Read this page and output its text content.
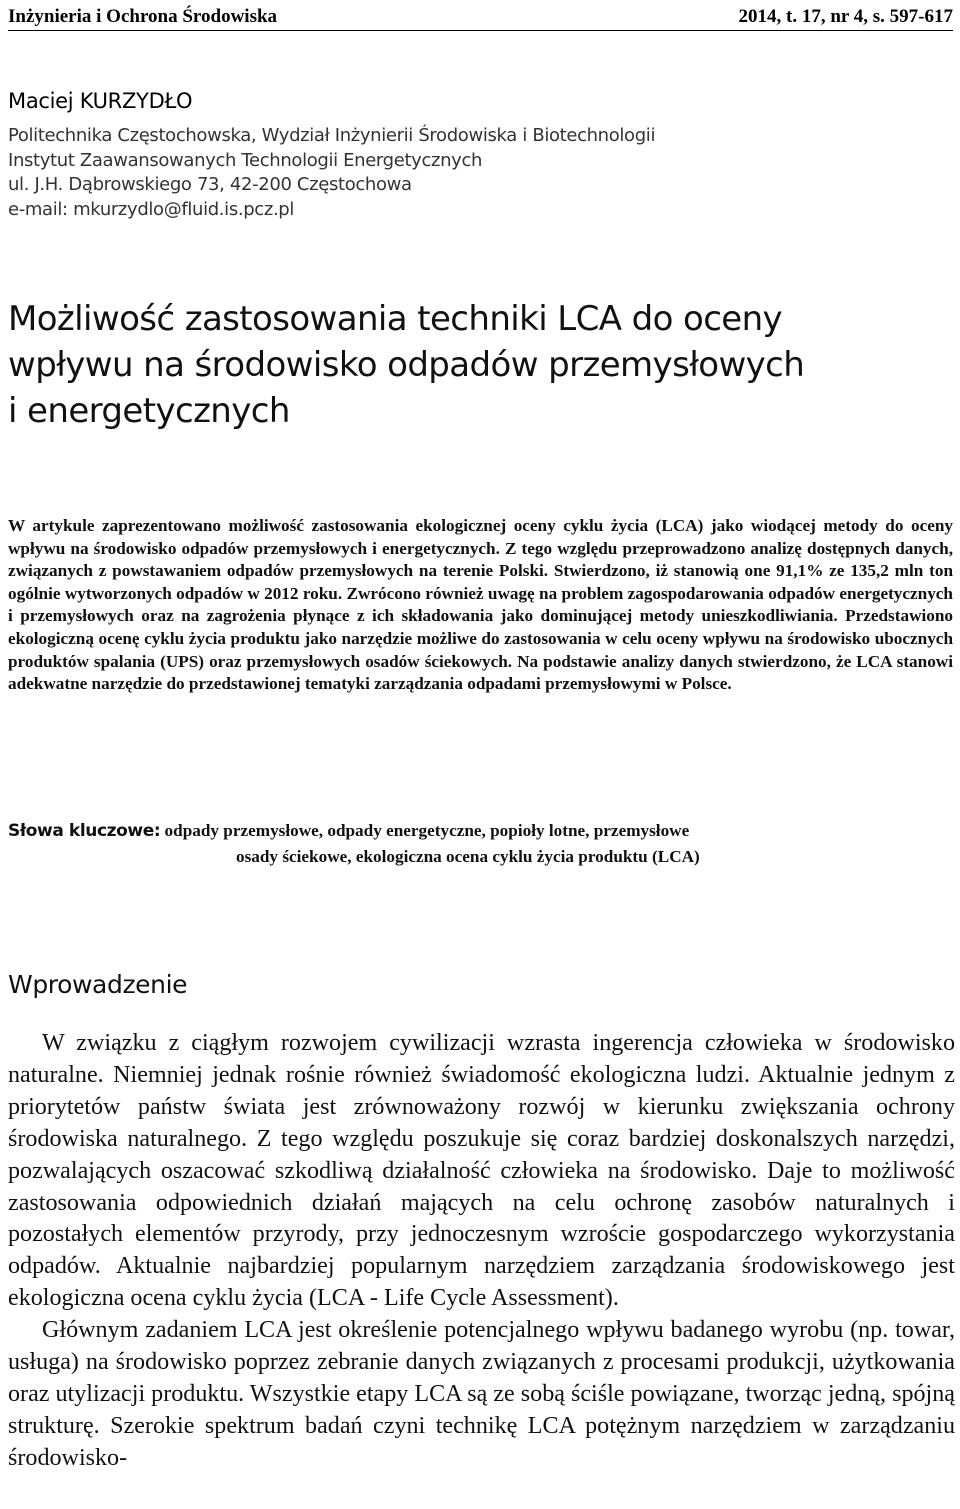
Inżynieria i Ochrona Środowiska	2014, t. 17, nr 4, s. 597-617
Maciej KURZYDŁO
Politechnika Częstochowska, Wydział Inżynierii Środowiska i Biotechnologii
Instytut Zaawansowanych Technologii Energetycznych
ul. J.H. Dąbrowskiego 73, 42-200 Częstochowa
e-mail: mkurzydlo@fluid.is.pcz.pl
Możliwość zastosowania techniki LCA do oceny
wpływu na środowisko odpadów przemysłowych
i energetycznych

W artykule zaprezentowano możliwość zastosowania ekologicznej oceny cyklu życia (LCA) jako wiodącej metody do oceny wpływu na środowisko odpadów przemysłowych i energetycznych. Z tego względu przeprowadzono analizę dostępnych danych, związanych z powstawaniem odpadów przemysłowych na terenie Polski. Stwierdzono, iż stanowią one 91,1% ze 135,2 mln ton ogólnie wytworzonych odpadów w 2012 roku. Zwrócono również uwagę na problem zagospodarowania odpadów energetycznych i przemysłowych oraz na zagrożenia płynące z ich składowania jako dominującej metody unieszkodliwiania. Przedstawiono ekologiczną ocenę cyklu życia produktu jako narzędzie możliwe do zastosowania w celu oceny wpływu na środowisko ubocznych produktów spalania (UPS) oraz przemysłowych osadów ściekowych. Na podstawie analizy danych stwierdzono, że LCA stanowi adekwatne narzędzie do przedstawionej tematyki zarządzania odpadami przemysłowymi w Polsce.

Słowa kluczowe: odpady przemysłowe, odpady energetyczne, popioły lotne, przemysłowe
osady ściekowe, ekologiczna ocena cyklu życia produktu (LCA)
Wprowadzenie

W związku z ciągłym rozwojem cywilizacji wzrasta ingerencja człowieka w środowisko naturalne. Niemniej jednak rośnie również świadomość ekologiczna ludzi. Aktualnie jednym z priorytetów państw świata jest zrównoważony rozwój w kierunku zwiększania ochrony środowiska naturalnego. Z tego względu poszukuje się coraz bardziej doskonalszych narzędzi, pozwalających oszacować szkodliwą działalność człowieka na środowisko. Daje to możliwość zastosowania odpowiednich działań mających na celu ochronę zasobów naturalnych i pozostałych elementów przyrody, przy jednoczesnym wzroście gospodarczego wykorzystania odpadów. Aktualnie najbardziej popularnym narzędziem zarządzania środowiskowego jest ekologiczna ocena cyklu życia (LCA - Life Cycle Assessment).

Głównym zadaniem LCA jest określenie potencjalnego wpływu badanego wyrobu (np. towar, usługa) na środowisko poprzez zebranie danych związanych z procesami produkcji, użytkowania oraz utylizacji produktu. Wszystkie etapy LCA są ze sobą ściśle powiązane, tworząc jedną, spójną strukturę. Szerokie spektrum badań czyni technikę LCA potężnym narzędziem w zarządzaniu środowisko-
